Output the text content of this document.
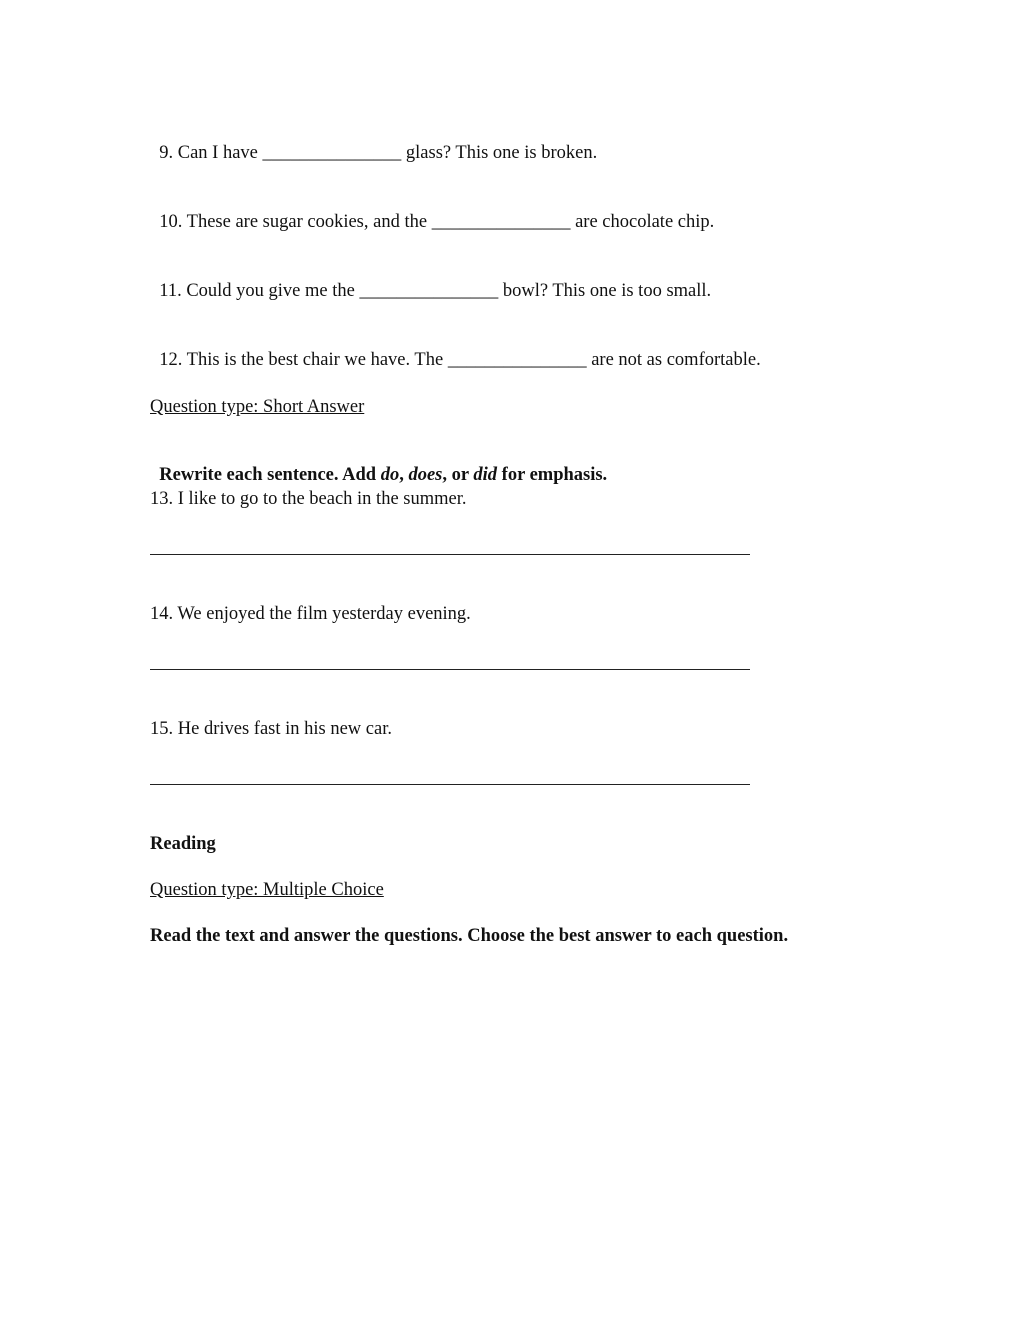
9. Can I have _______________ glass? This one is broken.

10. These are sugar cookies, and the _______________ are chocolate chip.

11. Could you give me the _______________ bowl? This one is too small.

12. This is the best chair we have. The _______________ are not as comfortable.

Question type: Short Answer

Rewrite each sentence. Add do, does, or did for emphasis.

13. I like to go to the beach in the summer.
14. We enjoyed the film yesterday evening.
15. He drives fast in his new car.
Reading
Question type: Multiple Choice
Read the text and answer the questions. Choose the best answer to each question.
